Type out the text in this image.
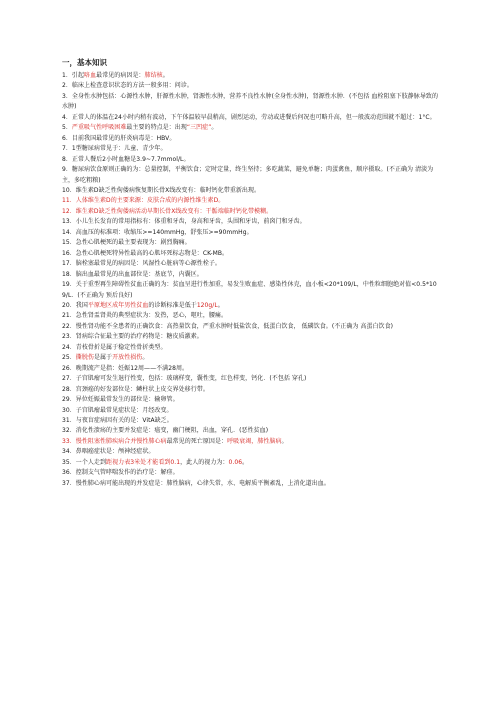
一，基本知识

1．引起咯血最常见的病因是：肺结核。

2．临床上检查意识状态的方法一般多用：问诊。

3．全身性水肿包括：心源性水肿，肝源性水肿，肾源性水肿，营养不良性水肿(全身性水肿)，肾源性水肿．(不包括 血栓阻塞下肢静脉导致的水肿)

4．正常人的体温在24小时内稍有波动，下午体温较早晨稍高，剧烈运动，劳动或进餐后何况也可略升高，但一般波动范围就不超过：1°C。

5．严重吸气性呼吸困难最主要的特点是：出现“三凹症”。

6．目前我国最常见的肝炎病毒是：HBV。

7．1型糖尿病常见于：儿童、青少年。

8．正常人餐后2小时血糖是3.9~7.7mmol/L。

9．糖尿病饮食原则正确的为：总量控制，平衡饮食；定时定量，终生坚持；多吃蔬菜，避免单糖；肉蛋禽鱼，顺序摄取。(不正确为 清淡为主，多吃粗粮)

10．维生素D缺乏性佝偻病恢复期长骨X线改变有：临时钙化带重新出现。

11．人体维生素D的主要来源：皮肤合成的内源性维生素D。

12．维生素D缺乏性佝偻病活动早期长骨X线改变有：干骺端临时钙化带模糊。

13．小儿生长发育的常用指标有：体重和牙齿，身高和牙齿，头围和牙齿，前囟门和牙齿。

14．高血压的标准项：收缩压>=140mmHg，舒张压>=90mmHg。

15．急性心肌梗死的最主要表现为：剧烈胸痛。

16．急性心肌梗死特异性最高的心肌坏死标志物是：CK-MB。

17．脑栓塞最常见的病因是：风湿性心脏病等心源性栓子。

18．脑出血最常见的出血部位是：基底节，内囊区。

19．关于重型再生障碍性贫血正确的为：贫血呈进行性加重，易发生败血症、感染性休克，血小板<20*109/L，中性粒细胞绝对值<0.5*109/L．(不正确为 预后良好)

20．我国平原地区成年男性贫血的诊断标准是低于120g/L。

21．急性肾盂肾炎的典型症状为：发热，恶心，呕吐，腰痛。

22．慢性肾功能不全患者的正确饮食：高热量饮食，严重水肿时低盐饮食，低蛋白饮食， 低磷饮食。(不正确为 高蛋白饮食)

23．肾病综合征最主要的治疗药物是：糖皮质激素。

24．青枝骨折是属于稳定性骨折类型。

25．撕脱伤是属于开放性损伤。

26．晚期流产是指：妊娠12周——不满28周。

27．子宫肌瘤可发生退行性变，包括：玻璃样变，囊性变，红色样变，钙化．(不包括 穿孔)

28．宫颈癌的好发部位是：鳞柱状上皮交界处移行带。

29．异位妊娠最常发生的部位是：输卵管。

30．子宫肌瘤最常见症状是：月经改变。

31．与夜盲症病因有关的是：VitA缺乏。

32．消化性溃疡的主要并发症是：癌变，幽门梗阻，出血，穿孔．(恶性贫血)

33．慢性阻塞性肺疾病合并慢性肺心病最常见的死亡原因是：呼吸衰竭，肺性脑病。

34．鼻咽癌症状是：颅神经症状。

35．一个人走到距视力表3米处才能看到0.1，此人的视力为：0.06。

36．控制支气管哮喘发作的治疗是：解痉。

37．慢性肺心病可能出现的并发症是：肺性脑病，心律失常，水、电解质平衡紊乱，上消化道出血。
